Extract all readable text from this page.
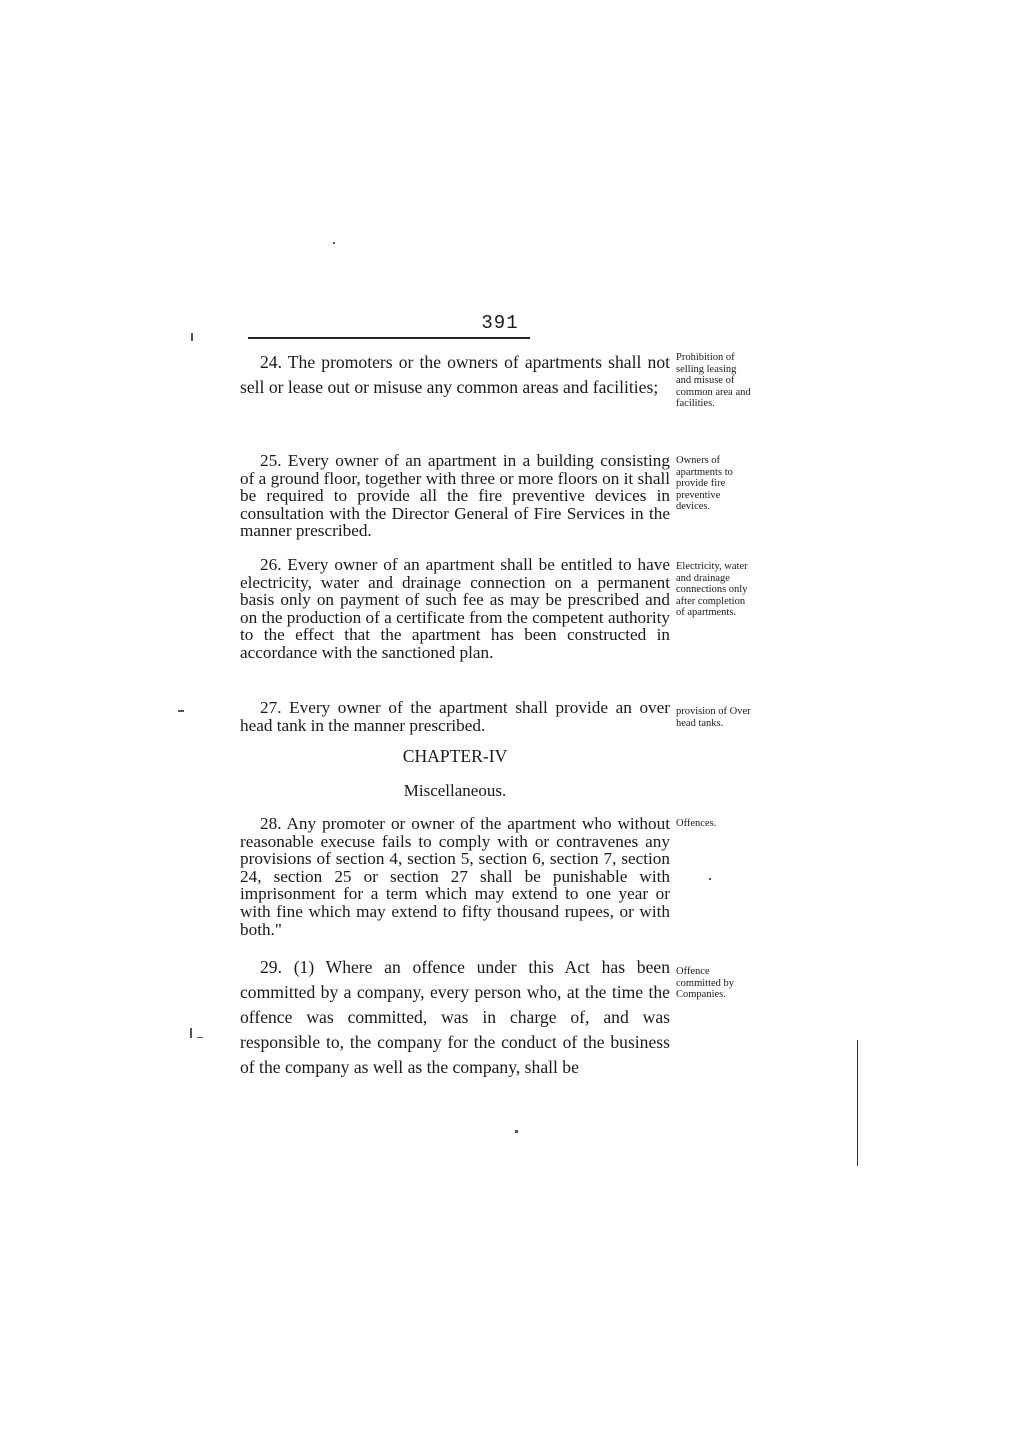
391

24. The promoters or the owners of apartments shall not sell or lease out or misuse any common areas and facilities;

Prohibition of selling leasing and misuse of common area and facilities.

25. Every owner of an apartment in a building consisting of a ground floor, together with three or more floors on it shall be required to provide all the fire preventive devices in consultation with the Director General of Fire Services in the manner prescribed.

Owners of apartments to provide fire preventive devices.

26. Every owner of an apartment shall be entitled to have electricity, water and drainage connection on a permanent basis only on payment of such fee as may be prescribed and on the production of a certificate from the competent authority to the effect that the apartment has been constructed in accordance with the sanctioned plan.

Electricity, water and drainage connections only after completion of apartments.

27. Every owner of the apartment shall provide an over head tank in the manner prescribed.

provision of Over head tanks.
CHAPTER-IV
Miscellaneous.

28. Any promoter or owner of the apartment who without reasonable execuse fails to comply with or contravenes any provisions of section 4, section 5, section 6, section 7, section 24, section 25 or section 27 shall be punishable with imprisonment for a term which may extend to one year or with fine which may extend to fifty thousand rupees, or with both."

Offences.

29. (1) Where an offence under this Act has been committed by a company, every person who, at the time the offence was committed, was in charge of, and was responsible to, the company for the conduct of the business of the company as well as the company, shall be

Offence committed by Companies.
